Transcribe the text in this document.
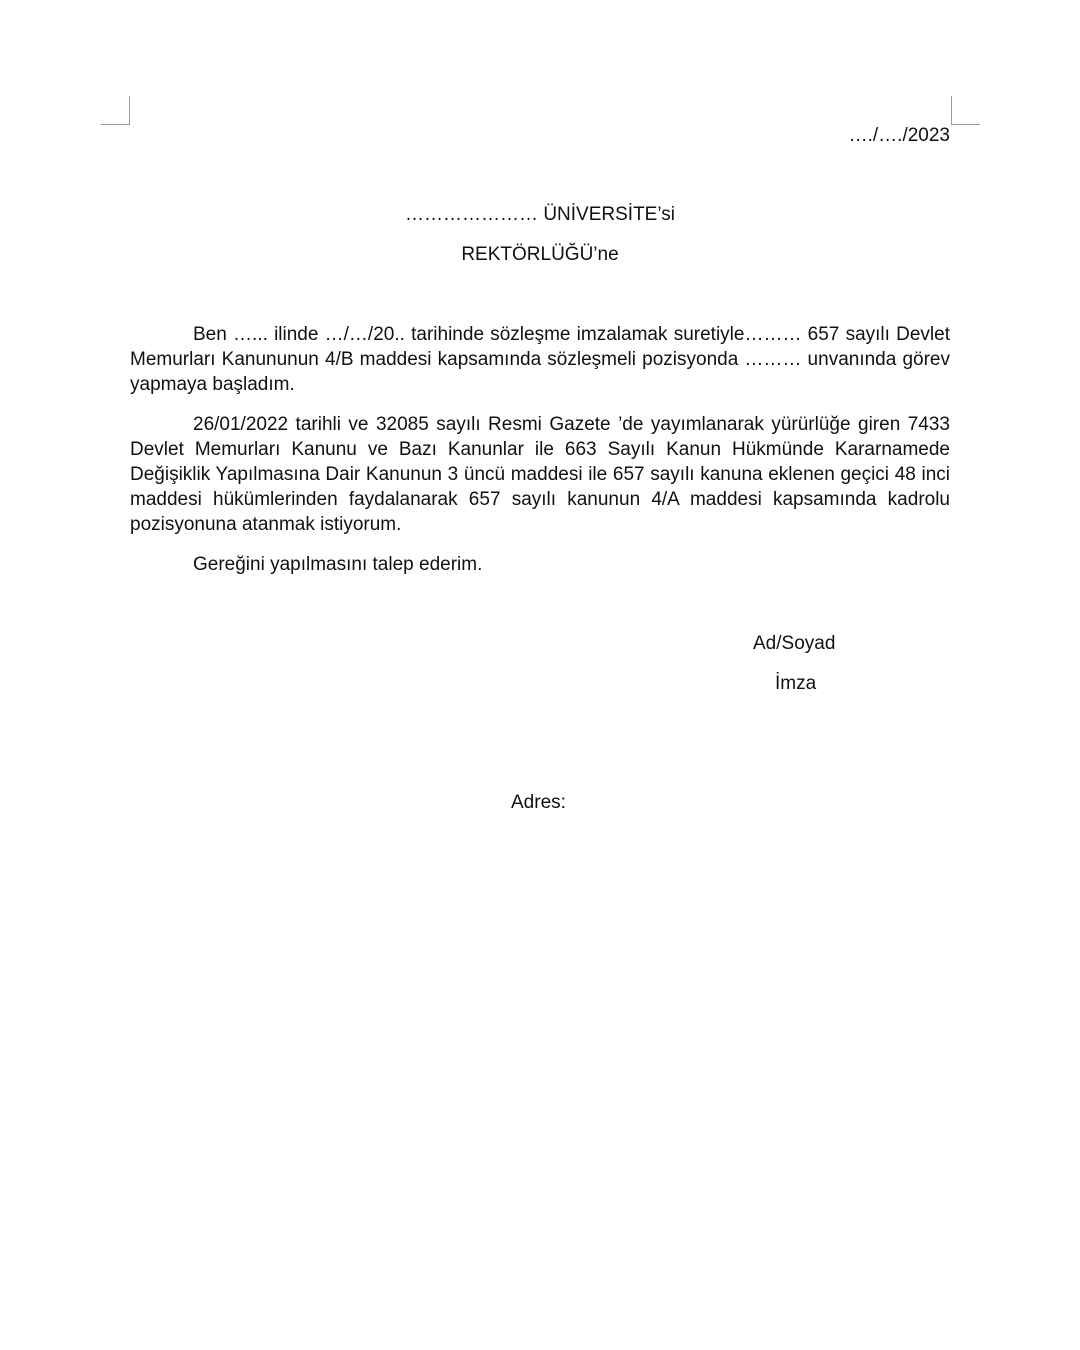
…./…./2023
………………… ÜNİVERSİTE’si
REKTÖRLÜĞÜ’ne

Ben …... ilinde …/…/20.. tarihinde sözleşme imzalamak suretiyle……… 657 sayılı Devlet Memurları Kanununun 4/B maddesi kapsamında sözleşmeli pozisyonda ……… unvanında görev yapmaya başladım.

26/01/2022 tarihli ve 32085 sayılı Resmi Gazete ’de yayımlanarak yürürlüğe giren 7433 Devlet Memurları Kanunu ve Bazı Kanunlar ile 663 Sayılı Kanun Hükmünde Kararnamede Değişiklik Yapılmasına Dair Kanunun 3 üncü maddesi ile 657 sayılı kanuna eklenen geçici 48 inci maddesi hükümlerinden faydalanarak 657 sayılı kanunun 4/A maddesi kapsamında kadrolu pozisyonuna atanmak istiyorum.

Gereğini yapılmasını talep ederim.

Ad/Soyad
İmza
Adres:
